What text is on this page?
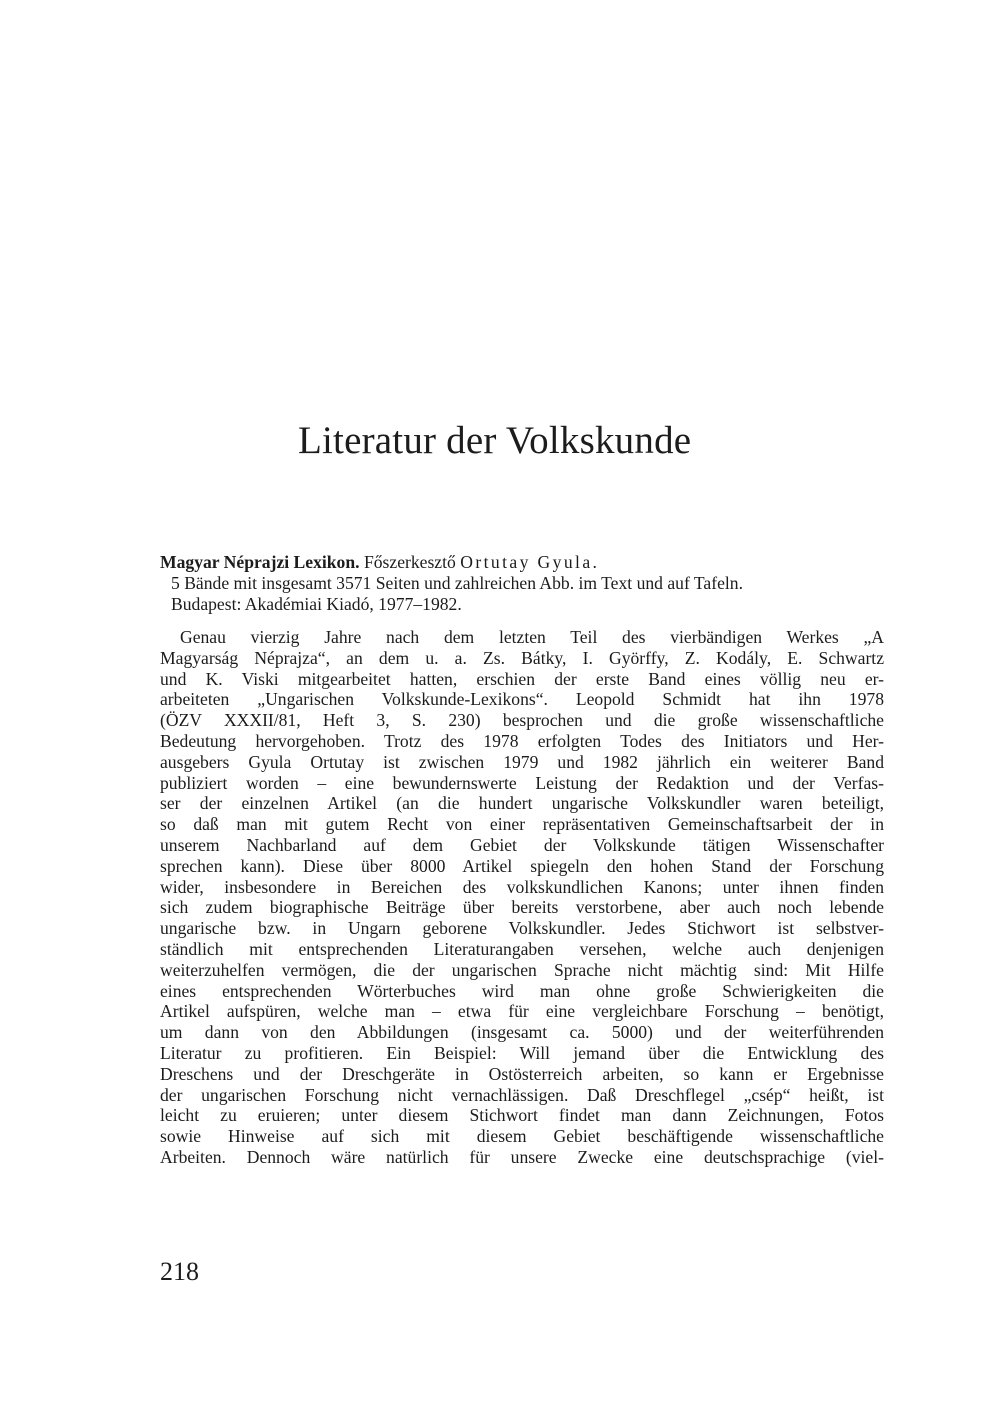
Literatur der Volkskunde
Magyar Néprajzi Lexikon. Főszerkesztő Ortutay Gyula.
5 Bände mit insgesamt 3571 Seiten und zahlreichen Abb. im Text und auf Tafeln.
Budapest: Akadémiai Kiadó, 1977–1982.
Genau vierzig Jahre nach dem letzten Teil des vierbändigen Werkes „A
Magyarság Néprajza“, an dem u. a. Zs. Bátky, I. Györffy, Z. Kodály, E. Schwartz
und K. Viski mitgearbeitet hatten, erschien der erste Band eines völlig neu er-
arbeiteten „Ungarischen Volkskunde-Lexikons“. Leopold Schmidt hat ihn 1978
(ÖZV XXXII/81, Heft 3, S. 230) besprochen und die große wissenschaftliche
Bedeutung hervorgehoben. Trotz des 1978 erfolgten Todes des Initiators und Her-
ausgebers Gyula Ortutay ist zwischen 1979 und 1982 jährlich ein weiterer Band
publiziert worden – eine bewundernswerte Leistung der Redaktion und der Verfas-
ser der einzelnen Artikel (an die hundert ungarische Volkskundler waren beteiligt,
so daß man mit gutem Recht von einer repräsentativen Gemeinschaftsarbeit der in
unserem Nachbarland auf dem Gebiet der Volkskunde tätigen Wissenschafter
sprechen kann). Diese über 8000 Artikel spiegeln den hohen Stand der Forschung
wider, insbesondere in Bereichen des volkskundlichen Kanons; unter ihnen finden
sich zudem biographische Beiträge über bereits verstorbene, aber auch noch lebende
ungarische bzw. in Ungarn geborene Volkskundler. Jedes Stichwort ist selbstver-
ständlich mit entsprechenden Literaturangaben versehen, welche auch denjenigen
weiterzuhelfen vermögen, die der ungarischen Sprache nicht mächtig sind: Mit Hilfe
eines entsprechenden Wörterbuches wird man ohne große Schwierigkeiten die
Artikel aufspüren, welche man – etwa für eine vergleichbare Forschung – benötigt,
um dann von den Abbildungen (insgesamt ca. 5000) und der weiterführenden
Literatur zu profitieren. Ein Beispiel: Will jemand über die Entwicklung des
Dreschens und der Dreschgeräte in Ostösterreich arbeiten, so kann er Ergebnisse
der ungarischen Forschung nicht vernachlässigen. Daß Dreschflegel „csép“ heißt, ist
leicht zu eruieren; unter diesem Stichwort findet man dann Zeichnungen, Fotos
sowie Hinweise auf sich mit diesem Gebiet beschäftigende wissenschaftliche
Arbeiten. Dennoch wäre natürlich für unsere Zwecke eine deutschsprachige (viel-
218
